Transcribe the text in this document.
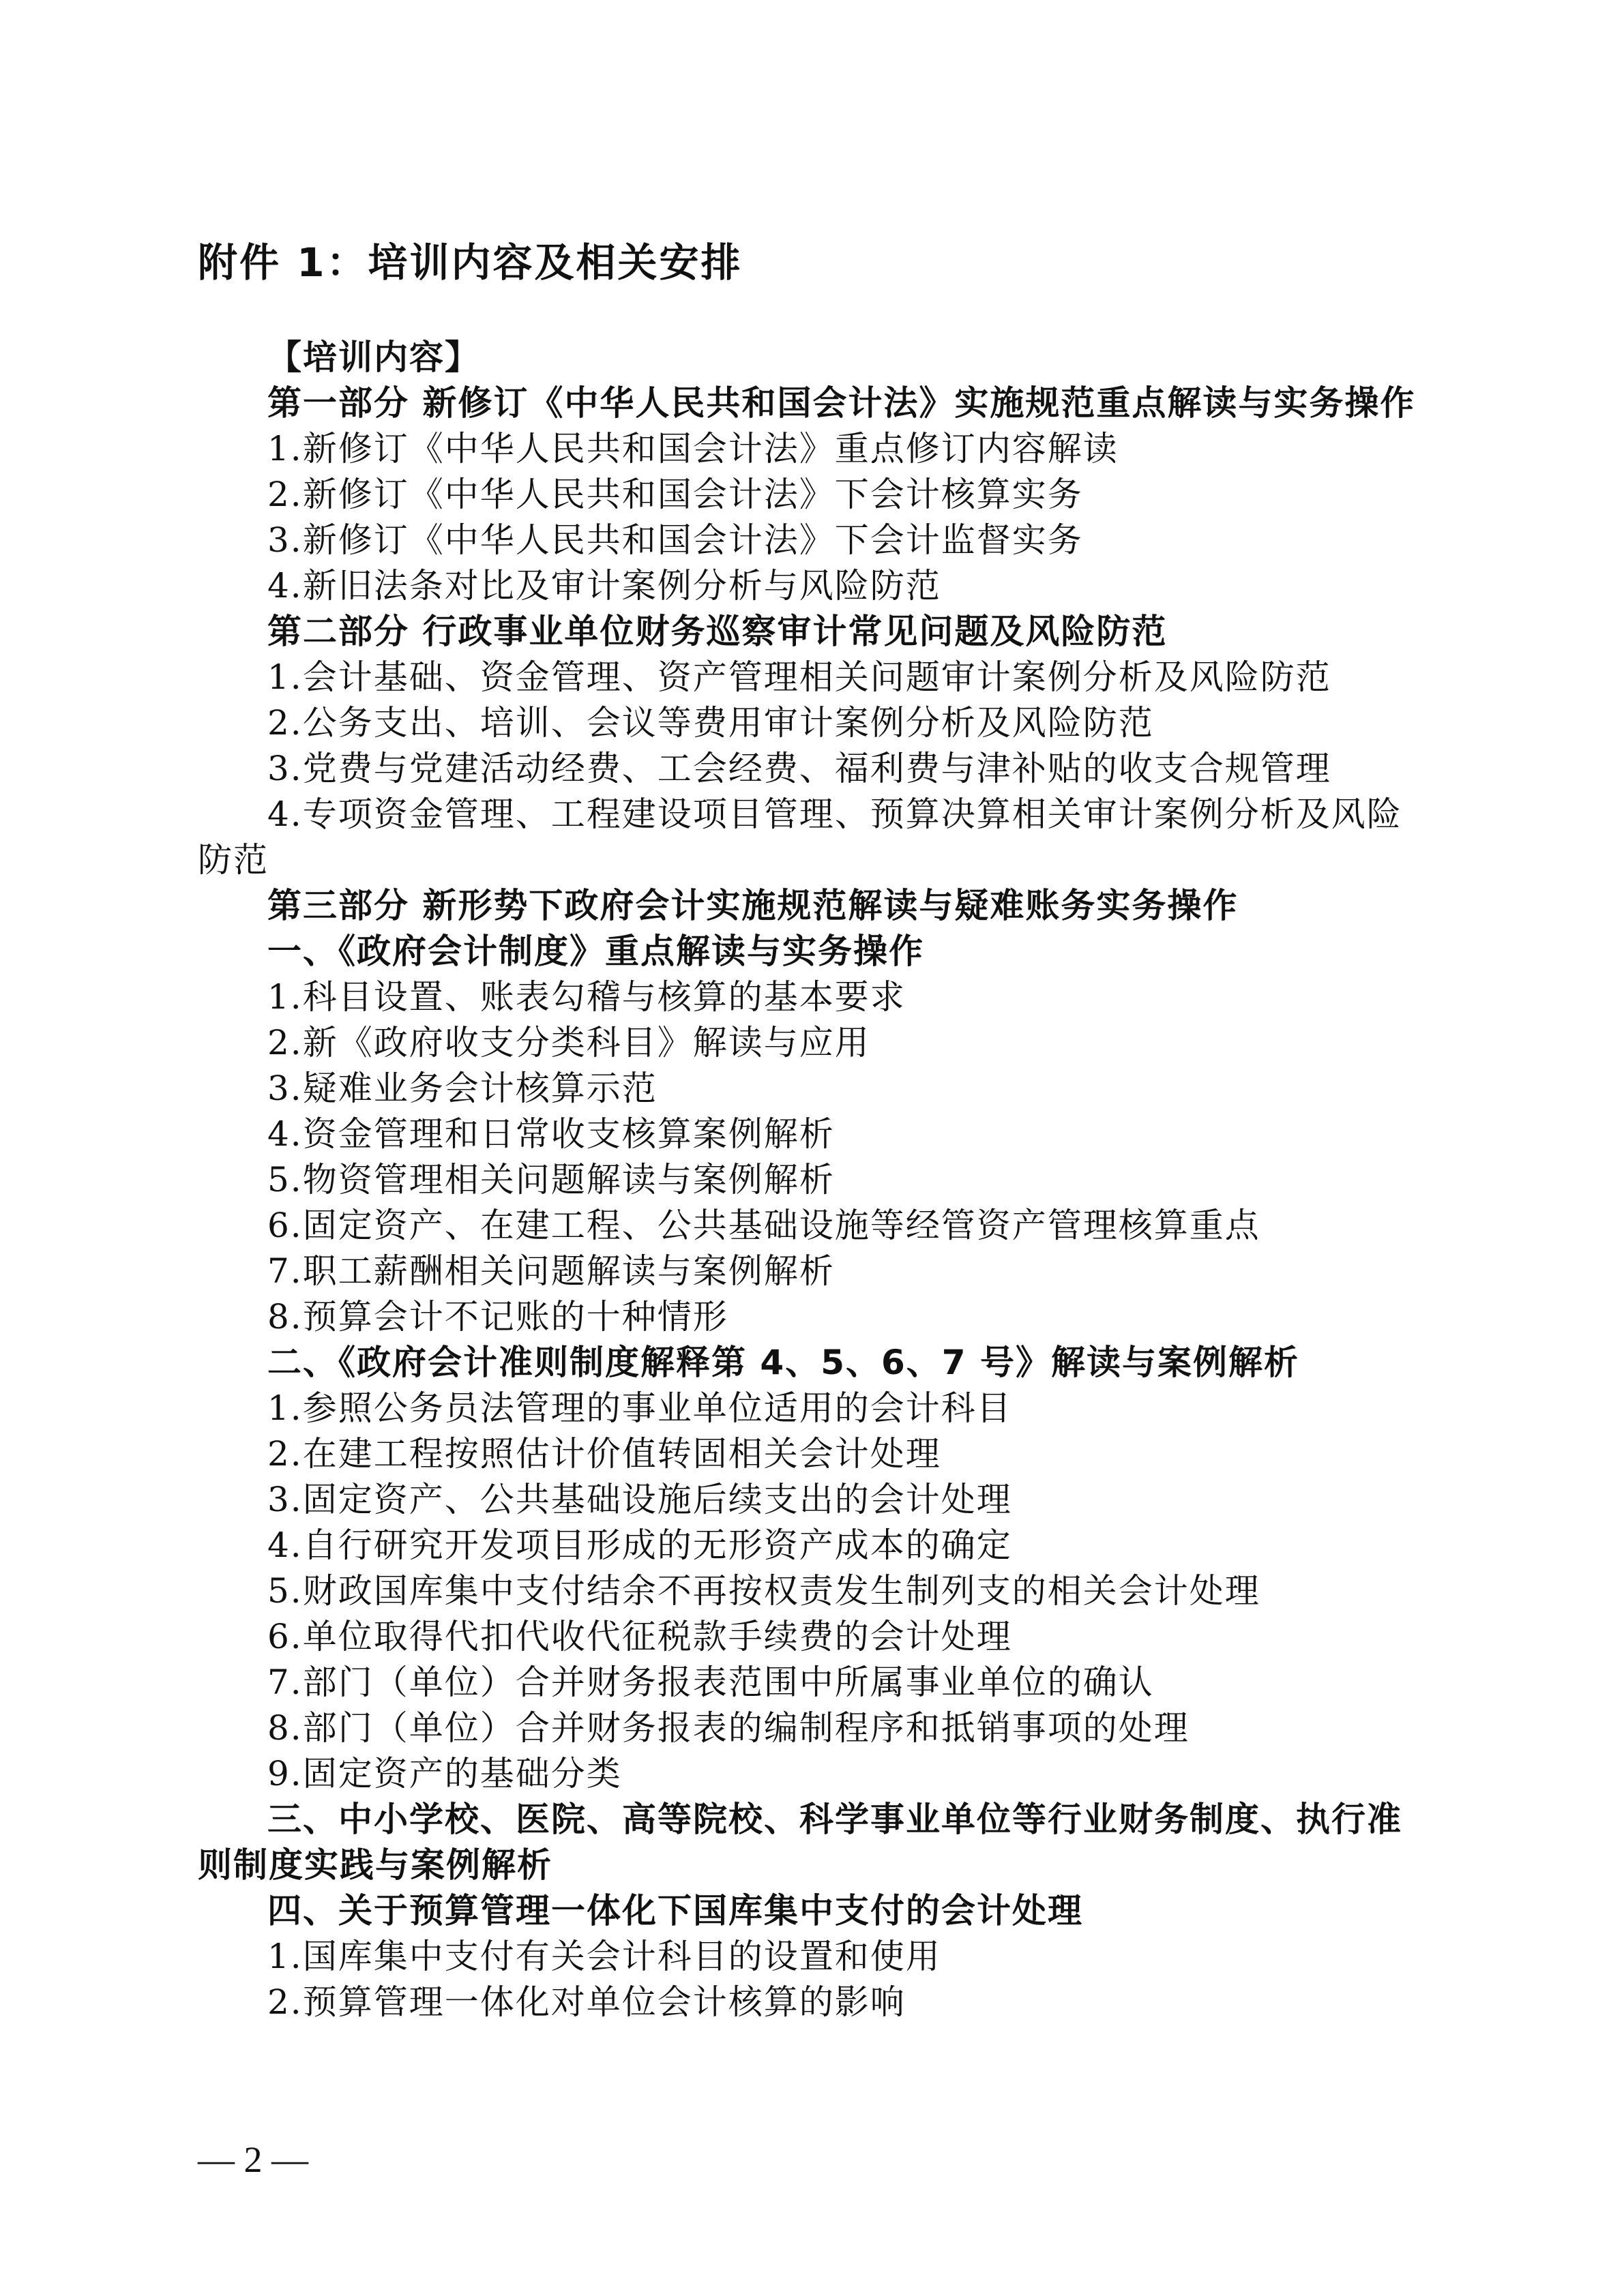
附件 1：培训内容及相关安排
【培训内容】
第一部分 新修订《中华人民共和国会计法》实施规范重点解读与实务操作
1.新修订《中华人民共和国会计法》重点修订内容解读
2.新修订《中华人民共和国会计法》下会计核算实务
3.新修订《中华人民共和国会计法》下会计监督实务
4.新旧法条对比及审计案例分析与风险防范
第二部分 行政事业单位财务巡察审计常见问题及风险防范
1.会计基础、资金管理、资产管理相关问题审计案例分析及风险防范
2.公务支出、培训、会议等费用审计案例分析及风险防范
3.党费与党建活动经费、工会经费、福利费与津补贴的收支合规管理
4.专项资金管理、工程建设项目管理、预算决算相关审计案例分析及风险
防范
第三部分 新形势下政府会计实施规范解读与疑难账务实务操作
一、《政府会计制度》重点解读与实务操作
1.科目设置、账表勾稽与核算的基本要求
2.新《政府收支分类科目》解读与应用
3.疑难业务会计核算示范
4.资金管理和日常收支核算案例解析
5.物资管理相关问题解读与案例解析
6.固定资产、在建工程、公共基础设施等经管资产管理核算重点
7.职工薪酬相关问题解读与案例解析
8.预算会计不记账的十种情形
二、《政府会计准则制度解释第 4、5、6、7 号》解读与案例解析
1.参照公务员法管理的事业单位适用的会计科目
2.在建工程按照估计价值转固相关会计处理
3.固定资产、公共基础设施后续支出的会计处理
4.自行研究开发项目形成的无形资产成本的确定
5.财政国库集中支付结余不再按权责发生制列支的相关会计处理
6.单位取得代扣代收代征税款手续费的会计处理
7.部门（单位）合并财务报表范围中所属事业单位的确认
8.部门（单位）合并财务报表的编制程序和抵销事项的处理
9.固定资产的基础分类
三、中小学校、医院、高等院校、科学事业单位等行业财务制度、执行准
则制度实践与案例解析
四、关于预算管理一体化下国库集中支付的会计处理
1.国库集中支付有关会计科目的设置和使用
2.预算管理一体化对单位会计核算的影响
— 2 —
